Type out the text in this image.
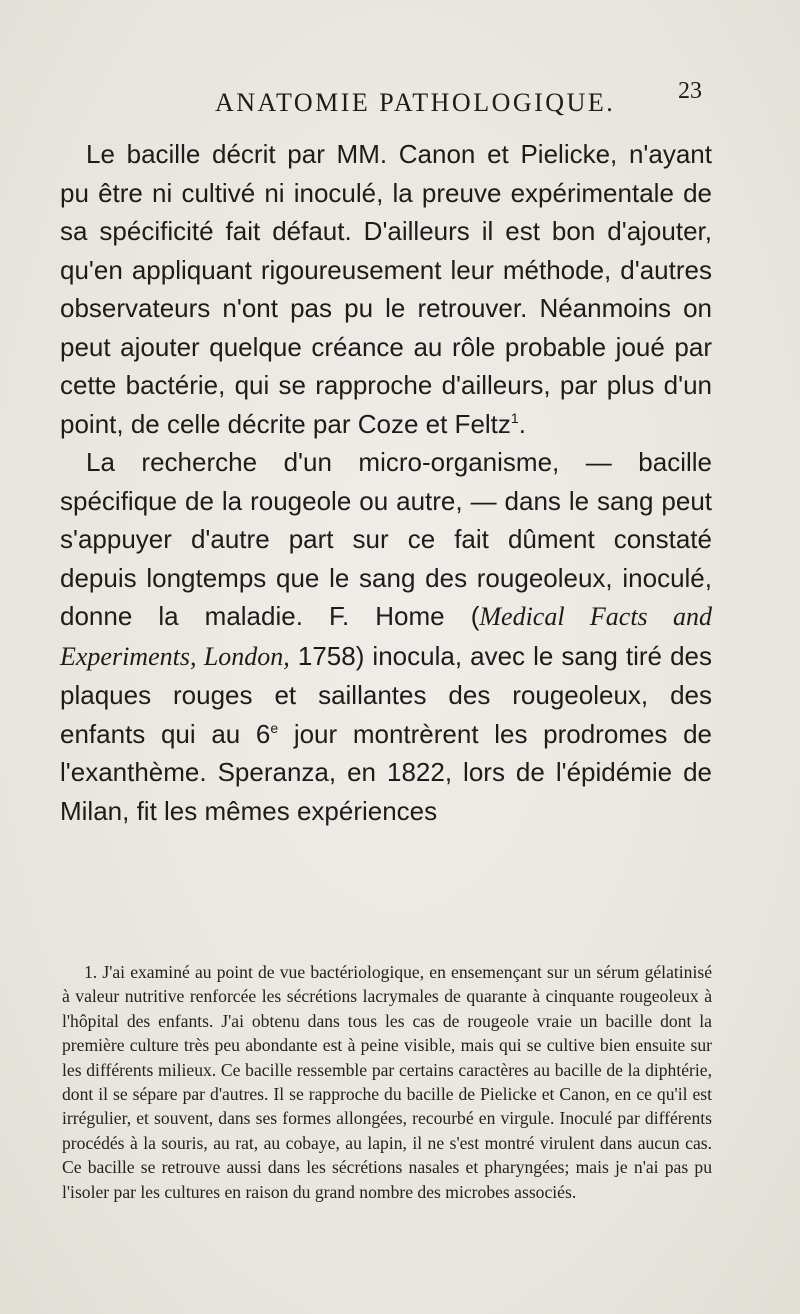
ANATOMIE PATHOLOGIQUE.	23

Le bacille décrit par MM. Canon et Pielicke, n'ayant pu être ni cultivé ni inoculé, la preuve expérimentale de sa spécificité fait défaut. D'ailleurs il est bon d'ajouter, qu'en appliquant rigoureusement leur méthode, d'autres observateurs n'ont pas pu le retrouver. Néanmoins on peut ajouter quelque créance au rôle probable joué par cette bactérie, qui se rapproche d'ailleurs, par plus d'un point, de celle décrite par Coze et Feltz$^1$.

La recherche d'un micro-organisme, — bacille spécifique de la rougeole ou autre, — dans le sang peut s'appuyer d'autre part sur ce fait dûment constaté depuis longtemps que le sang des rougeoleux, inoculé, donne la maladie. F. Home (Medical Facts and Experiments, London, 1758) inocula, avec le sang tiré des plaques rouges et saillantes des rougeoleux, des enfants qui au 6e jour montrèrent les prodromes de l'exanthème. Speranza, en 1822, lors de l'épidémie de Milan, fit les mêmes expériences

1. J'ai examiné au point de vue bactériologique, en ensemençant sur un sérum gélatinisé à valeur nutritive renforcée les sécrétions lacrymales de quarante à cinquante rougeoleux à l'hôpital des enfants. J'ai obtenu dans tous les cas de rougeole vraie un bacille dont la première culture très peu abondante est à peine visible, mais qui se cultive bien ensuite sur les différents milieux. Ce bacille ressemble par certains caractères au bacille de la diphtérie, dont il se sépare par d'autres. Il se rapproche du bacille de Pielicke et Canon, en ce qu'il est irrégulier, et souvent, dans ses formes allongées, recourbé en virgule. Inoculé par différents procédés à la souris, au rat, au cobaye, au lapin, il ne s'est montré virulent dans aucun cas. Ce bacille se retrouve aussi dans les sécrétions nasales et pharyngées; mais je n'ai pas pu l'isoler par les cultures en raison du grand nombre des microbes associés.
